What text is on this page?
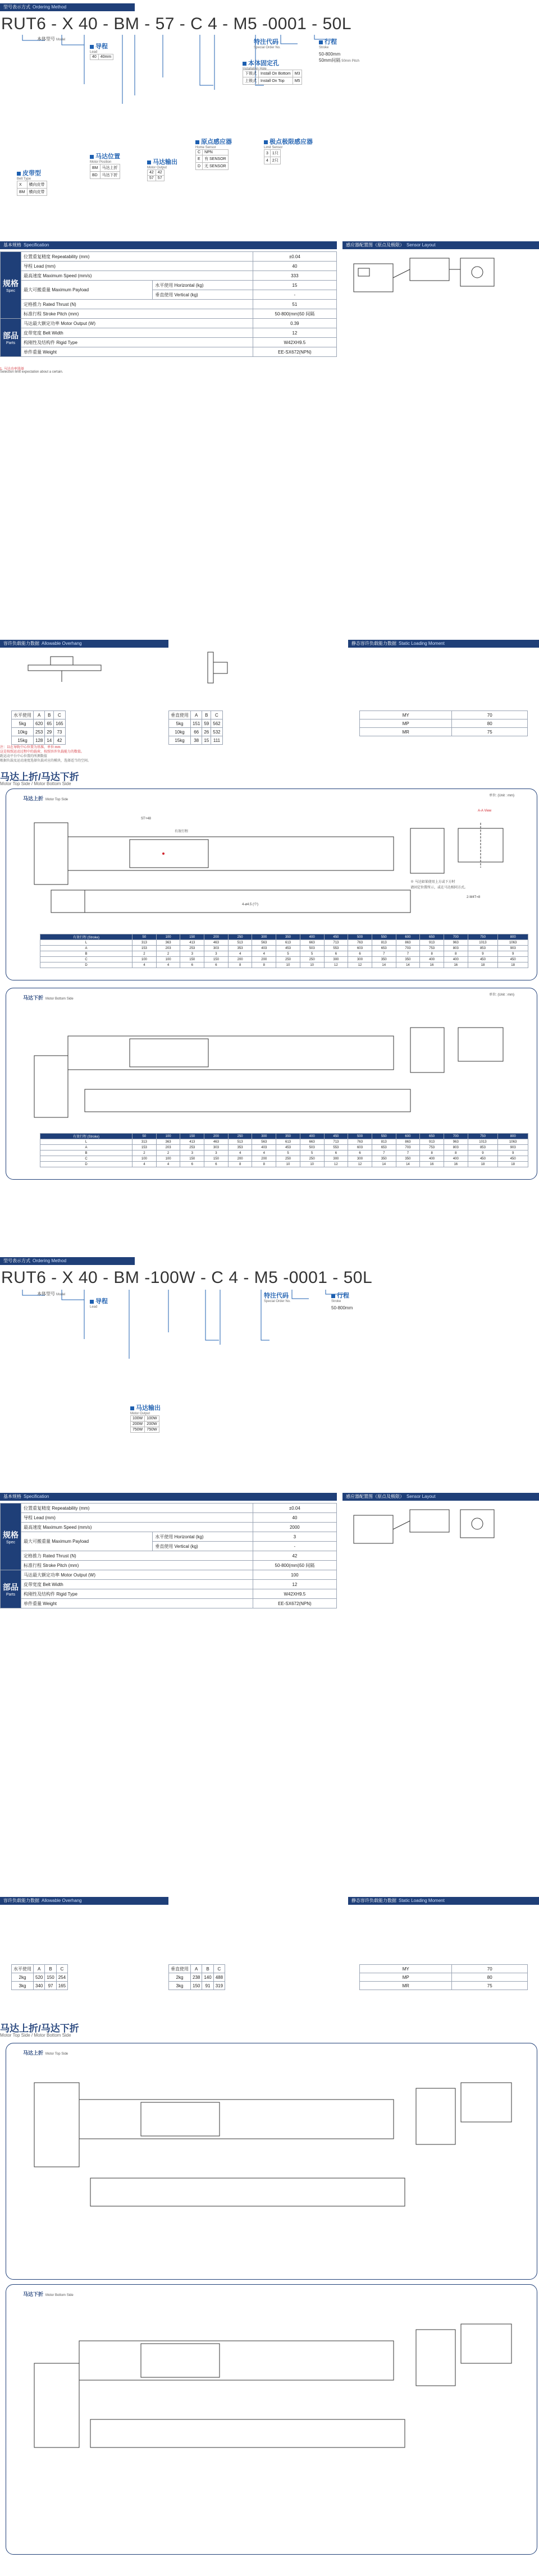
型号表示方式 Ordering Method
RUT6 - X 40 - BM - 57 - C 4 - M5 -0001 - 50L
本体型号 Model
导程
Lead
40	40mm
特注代码
Special Order No.
行程
Stroke
50-800mm
50mm间隔 50mm Pitch
本体固定孔
Installation Hole
下锁式	Install On Bottom	M3
上锁式	Install On Top	M5
马达位置
Motor Position
BM	马达上折
BD	马达下折
马达输出
Motor Output
42	42
57	57
原点感应器
Home Sensor
C	NPN
E	有 SENSOR
D	无 SENSOR
极点极限感应器
Limit Sensor
3	1只
4	2只
皮带型
Belt Type
X	横向皮带
BM	横向皮带
基本规格 Specification	感应器配置图（原点及极限） Sensor Layout
规格
Spec	位置重复精度 Repeatability (mm)		±0.04
	导程 Lead (mm)		40
	最高速度 Maximum Speed (mm/s)		333
	最大可搬重量 Maximum Payload	水平使用 Horizontal (kg)	15
		垂直使用 Vertical (kg)	-
	定格推力 Rated Thrust (N)		51
	标准行程 Stroke Pitch (mm)		50-800(mm)50 间隔
部品
Parts	马达最大额定功率 Motor Output (W)		0.39
	皮带宽度 Belt Width		12
	构刚性及结构件 Rigid Type		W42XH9.5
	单件重量 Weight		EE-SX672(NPN)
1. 马达功率选择
Selection limit expectation about a certain.
容许负载能力数据 Allowable Overhang	静态容许负载能力数据 Static Loading Moment
水平使用	A	B	C
5kg	620	65	165
10kg	253	29	73
15kg	128	14	42
垂直使用	A	B	C
5kg	151	59	562
10kg	66	26	532
15kg	38	15	111
MY	70
MP	80
MR	75
注：以在导轨中心位置为基准，单位:mm
这是按照运动过程中的载荷，按照容许负载能力的数值。
距运动平台中心位置的所测数值
根据负载及运动速度选择负载对应的模块，选择适当的空间。
马达上折/马达下折
Motor Top Side / Motor Bottom Side
马达上折 Motor Top Side
单位: (Unit : mm)
ST+48
有效行程
A-A View
4-ø4.5 (中)
※ 马达如果使用上方或下方时
请固定位置所示，或在马达相同方式。
2-M4T=8
有效行程 (Stroke)	50	100	150	200	250	300	350	400	450	500	550	600	650	700	750	800
L	313	363	413	463	513	563	613	663	713	763	813	863	913	963	1013	1063
A	153	203	253	303	353	403	453	503	553	603	653	703	753	803	853	903
B	2	2	3	3	4	4	5	5	6	6	7	7	8	8	9	9
C	100	100	150	150	200	200	250	250	300	300	350	350	400	400	450	450
D	4	4	6	6	8	8	10	10	12	12	14	14	16	16	18	18
马达下折 Motor Bottom Side
单位: (Unit : mm)
有效行程 (Stroke)	50	100	150	200	250	300	350	400	450	500	550	600	650	700	750	800
L	313	363	413	463	513	563	613	663	713	763	813	863	913	963	1013	1063
A	153	203	253	303	353	403	453	503	553	603	653	703	753	803	853	903
B	2	2	3	3	4	4	5	5	6	6	7	7	8	8	9	9
C	100	100	150	150	200	200	250	250	300	300	350	350	400	400	450	450
D	4	4	6	6	8	8	10	10	12	12	14	14	16	16	18	18
型号表示方式 Ordering Method
RUT6 - X 40 - BM -100W - C 4 - M5 -0001 - 50L
本体型号 Model
导程
Lead
特注代码
Special Order No.
行程
Stroke
50-800mm
马达输出
Motor Output
100W	100W
200W	200W
750W	750W
基本规格 Specification	感应器配置图（原点及极限） Sensor Layout
规格
Spec	位置重复精度 Repeatability (mm)		±0.04
	导程 Lead (mm)		40
	最高速度 Maximum Speed (mm/s)		2000
	最大可搬重量 Maximum Payload	水平使用 Horizontal (kg)	3
		垂直使用 Vertical (kg)	-
	定格推力 Rated Thrust (N)		42
	标准行程 Stroke Pitch (mm)		50-800(mm)50 间隔
部品
Parts	马达最大额定功率 Motor Output (W)		100
	皮带宽度 Belt Width		12
	构刚性及结构件 Rigid Type		W42XH9.5
	单件重量 Weight		EE-SX672(NPN)
容许负载能力数据 Allowable Overhang	静态容许负载能力数据 Static Loading Moment
水平使用	A	B	C
2kg	520	150	254
3kg	340	97	165
垂直使用	A	B	C
2kg	238	140	488
3kg	150	91	319
MY	70
MP	80
MR	75
马达上折/马达下折
Motor Top Side / Motor Bottom Side
马达上折 Motor Top Side
马达下折 Motor Bottom Side
